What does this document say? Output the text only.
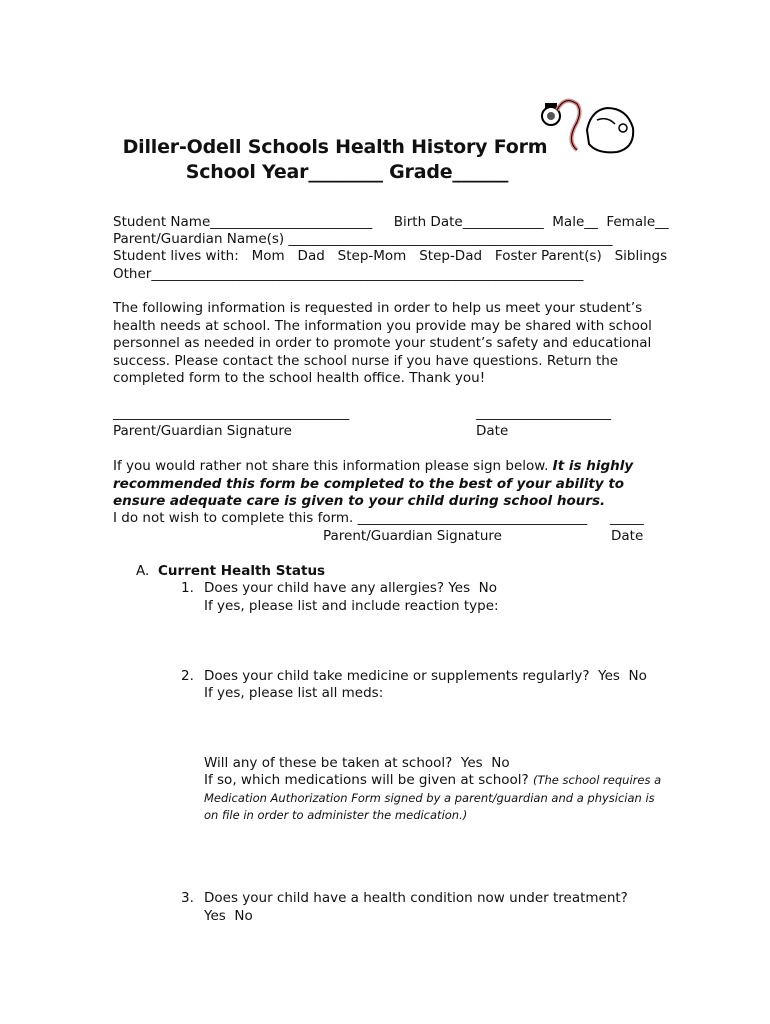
Diller-Odell Schools Health History Form
School Year________ Grade______
Student Name________________________     Birth Date____________  Male__  Female__
Parent/Guardian Name(s) ________________________________________________
Student lives with:   Mom   Dad   Step-Mom   Step-Dad   Foster Parent(s)   Siblings
Other________________________________________________________________
The following information is requested in order to help us meet your student’s health needs at school. The information you provide may be shared with school personnel as needed in order to promote your student’s safety and educational success. Please contact the school nurse if you have questions. Return the completed form to the school health office. Thank you!
___________________________________	____________________
Parent/Guardian Signature	Date
If you would rather not share this information please sign below. It is highly recommended this form be completed to the best of your ability to ensure adequate care is given to your child during school hours.
I do not wish to complete this form. __________________________________ _____
Parent/Guardian Signature	Date
A. Current Health Status
1. Does your child have any allergies? Yes  No
If yes, please list and include reaction type:
2. Does your child take medicine or supplements regularly?  Yes  No
If yes, please list all meds:
Will any of these be taken at school?  Yes  No
If so, which medications will be given at school? (The school requires a Medication Authorization Form signed by a parent/guardian and a physician is on file in order to administer the medication.)
3. Does your child have a health condition now under treatment?
Yes  No
